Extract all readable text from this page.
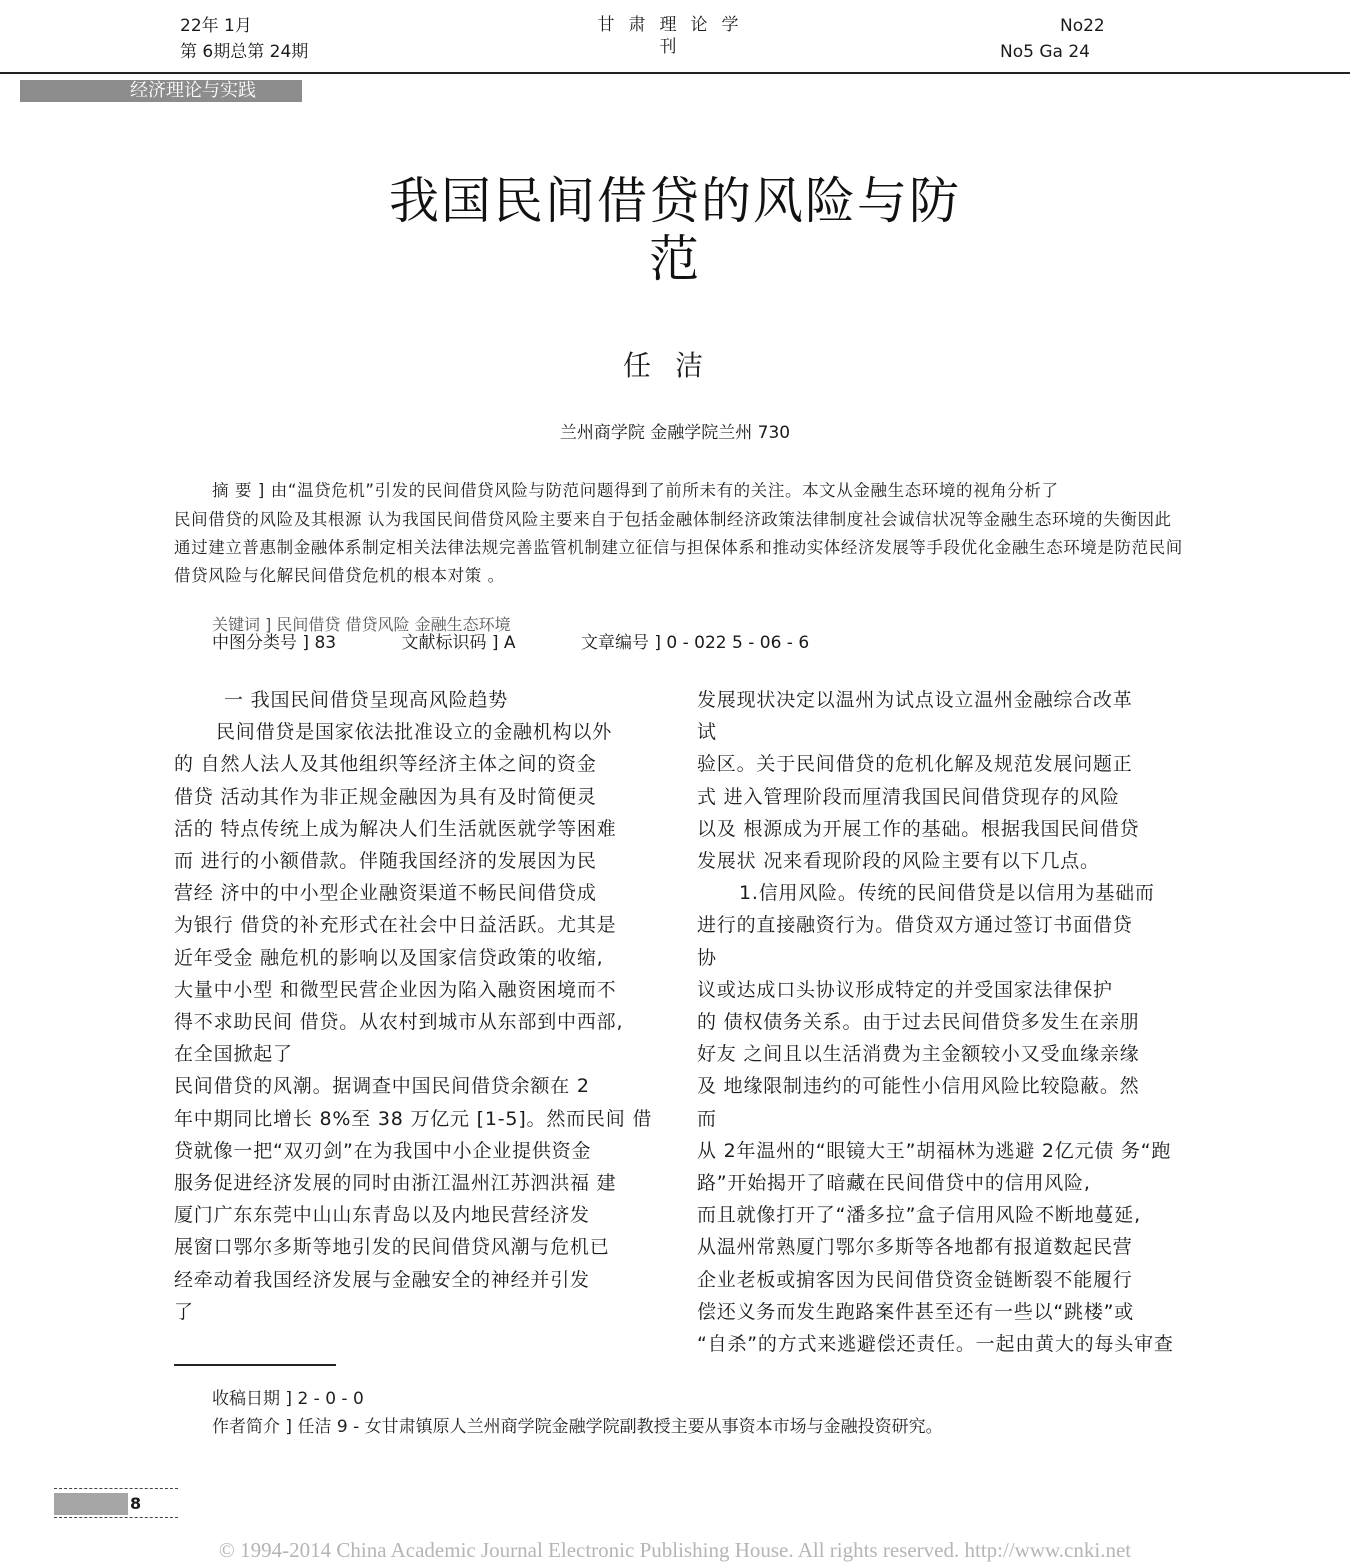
22年 1月
第 6期总第 24期
甘肃理论学
刊
No22
No5 Ga 24
经济理论与实践
我国民间借贷的风险与防
范
任洁
兰州商学院 金融学院兰州 730

摘 要 ] 由“温贷危机”引发的民间借贷风险与防范问题得到了前所未有的关注。本文从金融生态环境的视角分析了

民间借贷的风险及其根源 认为我国民间借贷风险主要来自于包括金融体制经济政策法律制度社会诚信状况等金融生态环境的失衡因此通过建立普惠制金融体系制定相关法律法规完善监管机制建立征信与担保体系和推动实体经济发展等手段优化金融生态环境是防范民间借贷风险与化解民间借贷危机的根本对策 。

关键词 ] 民间借贷 借贷风险 金融生态环境
中图分类号 ] 83	文献标识码 ] A	文章编号 ] 0 - 022 5 - 06 - 6

一 我国民间借贷呈现高风险趋势

民间借贷是国家依法批准设立的金融机构以外

的 自然人法人及其他组织等经济主体之间的资金

借贷 活动其作为非正规金融因为具有及时简便灵

活的 特点传统上成为解决人们生活就医就学等困难

而 进行的小额借款。伴随我国经济的发展因为民

营经 济中的中小型企业融资渠道不畅民间借贷成

为银行 借贷的补充形式在社会中日益活跃。尤其是

近年受金 融危机的影响以及国家信贷政策的收缩,

大量中小型 和微型民营企业因为陷入融资困境而不

得不求助民间 借贷。从农村到城市从东部到中西部,

在全国掀起了

民间借贷的风潮。据调查中国民间借贷余额在 2

年中期同比增长 8%至 38 万亿元 [1-5]。然而民间 借

贷就像一把“双刃剑”在为我国中小企业提供资金

服务促进经济发展的同时由浙江温州江苏泗洪福 建

厦门广东东莞中山山东青岛以及内地民营经济发

展窗口鄂尔多斯等地引发的民间借贷风潮与危机已

经牵动着我国经济发展与金融安全的神经并引发

了

发展现状决定以温州为试点设立温州金融综合改革

试

验区。关于民间借贷的危机化解及规范发展问题正

式 进入管理阶段而厘清我国民间借贷现存的风险

以及 根源成为开展工作的基础。根据我国民间借贷

发展状 况来看现阶段的风险主要有以下几点。

1.信用风险。传统的民间借贷是以信用为基础而

进行的直接融资行为。借贷双方通过签订书面借贷

协

议或达成口头协议形成特定的并受国家法律保护

的 债权债务关系。由于过去民间借贷多发生在亲朋

好友 之间且以生活消费为主金额较小又受血缘亲缘

及 地缘限制违约的可能性小信用风险比较隐蔽。然

而

从 2年温州的“眼镜大王”胡福林为逃避 2亿元债 务“跑

路”开始揭开了暗藏在民间借贷中的信用风险,

而且就像打开了“潘多拉”盒子信用风险不断地蔓延,

从温州常熟厦门鄂尔多斯等各地都有报道数起民营

企业老板或掮客因为民间借贷资金链断裂不能履行

偿还义务而发生跑路案件甚至还有一些以“跳楼”或

“自杀”的方式来逃避偿还责任。一起由黄大的每头审查

收稿日期 ] 2 - 0 - 0
作者简介 ] 任洁 9 - 女甘肃镇原人兰州商学院金融学院副教授主要从事资本市场与金融投资研究。
8
© 1994-2014 China Academic Journal Electronic Publishing House. All rights reserved. http://www.cnki.net
